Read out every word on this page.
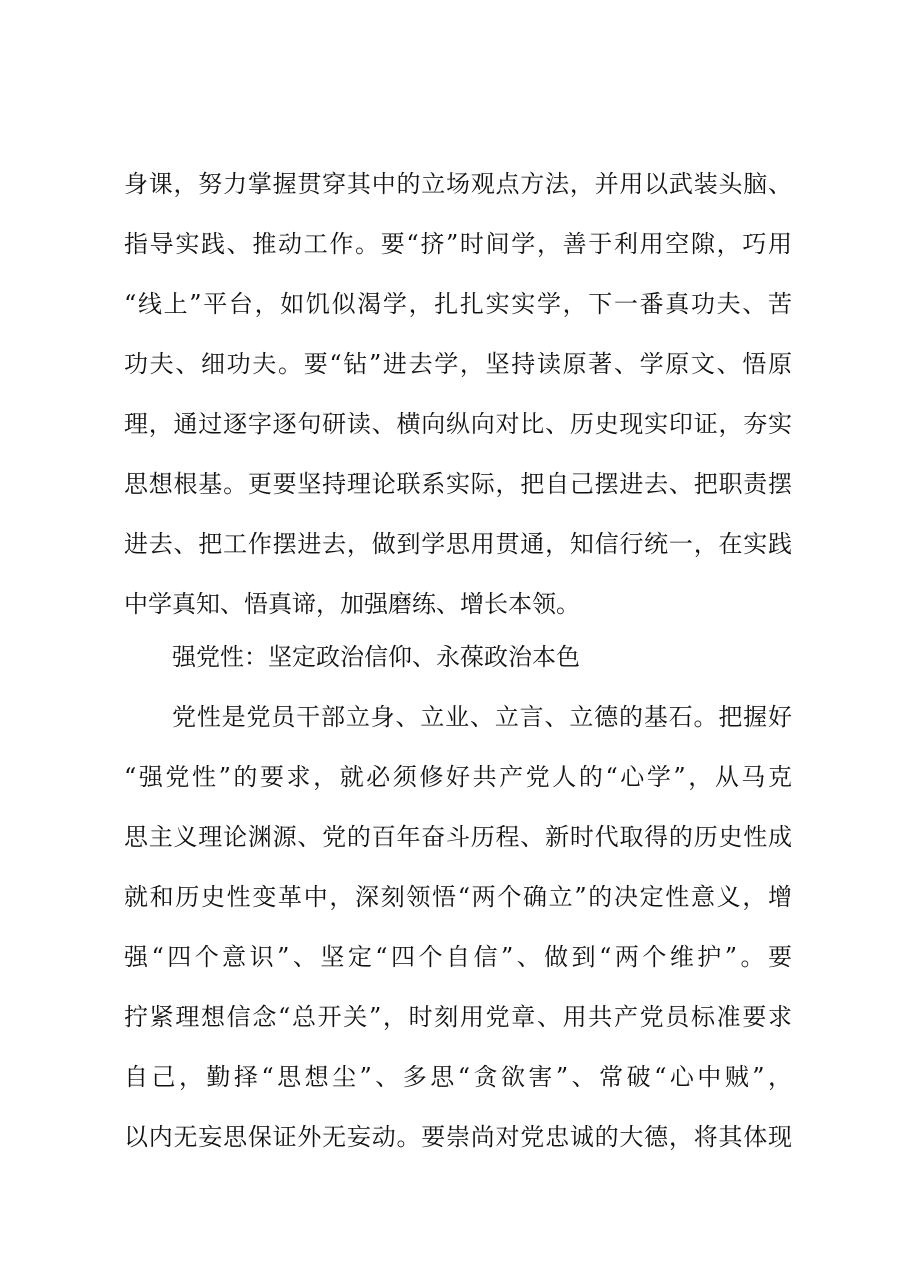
身课，努力掌握贯穿其中的立场观点方法，并用以武装头脑、
指导实践、推动工作。要“挤”时间学，善于利用空隙，巧用
“线上”平台，如饥似渴学，扎扎实实学，下一番真功夫、苦
功夫、细功夫。要“钻”进去学，坚持读原著、学原文、悟原
理，通过逐字逐句研读、横向纵向对比、历史现实印证，夯实
思想根基。更要坚持理论联系实际，把自己摆进去、把职责摆
进去、把工作摆进去，做到学思用贯通，知信行统一，在实践
中学真知、悟真谛，加强磨练、增长本领。
强党性：坚定政治信仰、永葆政治本色
党性是党员干部立身、立业、立言、立德的基石。把握好
“强党性”的要求，就必须修好共产党人的“心学”，从马克
思主义理论渊源、党的百年奋斗历程、新时代取得的历史性成
就和历史性变革中，深刻领悟“两个确立”的决定性意义，增
强“四个意识”、坚定“四个自信”、做到“两个维护”。要
拧紧理想信念“总开关”，时刻用党章、用共产党员标准要求
自己，勤择“思想尘”、多思“贪欲害”、常破“心中贼”，
以内无妄思保证外无妄动。要崇尚对党忠诚的大德，将其体现
